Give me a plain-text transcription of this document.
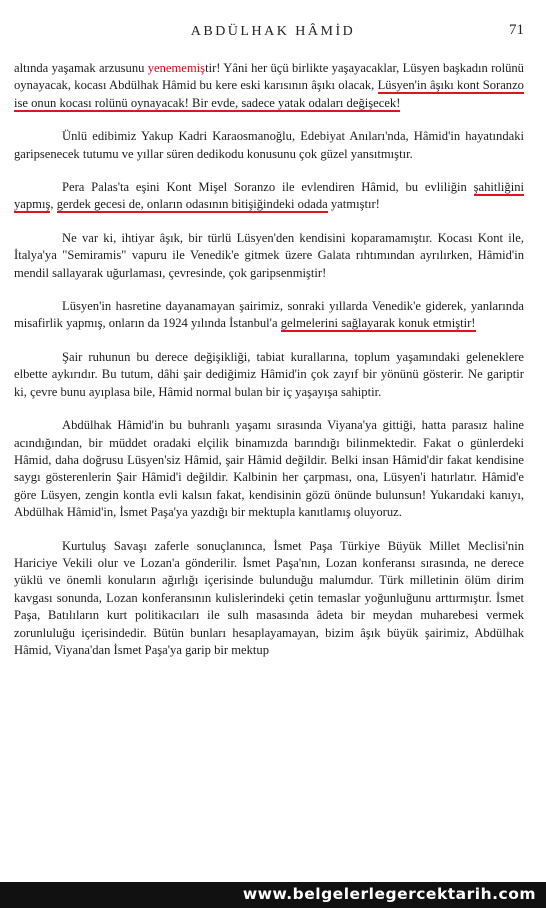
ABDÜLHAK HÂMİD	71

altında yaşamak arzusunu yenememiştir! Yâni her üçü birlikte yaşayacaklar, Lüsyen başkadın rolünü oynayacak, kocası Abdülhak Hâmid bu kere eski karısının âşıkı olacak, Lüsyen'in âşıkı kont Soranzo ise onun kocası rolünü oynayacak! Bir evde, sadece yatak odaları değişecek!

Ünlü edibimiz Yakup Kadri Karaosmanoğlu, Edebiyat Anıları'nda, Hâmid'in hayatındaki garipsenecek tutumu ve yıllar süren dedikodu konusunu çok güzel yansıtmıştır.

Pera Palas'ta eşini Kont Mişel Soranzo ile evlendiren Hâmid, bu evliliğin şahitliğini yapmış, gerdek gecesi de, onların odasının bitişiğindeki odada yatmıştır!

Ne var ki, ihtiyar âşık, bir türlü Lüsyen'den kendisini koparamamıştır. Kocası Kont ile, İtalya'ya "Semiramis" vapuru ile Venedik'e gitmek üzere Galata rıhtımından ayrılırken, Hâmid'in mendil sallayarak uğurlaması, çevresinde, çok garipsenmiştir!

Lüsyen'in hasretine dayanamayan şairimiz, sonraki yıllarda Venedik'e giderek, yanlarında misafirlik yapmış, onların da 1924 yılında İstanbul'a gelmelerini sağlayarak konuk etmiştir!

Şair ruhunun bu derece değişikliği, tabiat kurallarına, toplum yaşamındaki geleneklere elbette aykırıdır. Bu tutum, dâhi şair dediğimiz Hâmid'in çok zayıf bir yönünü gösterir. Ne gariptir ki, çevre bunu ayıplasa bile, Hâmid normal bulan bir iç yaşayışa sahiptir.

Abdülhak Hâmid'in bu buhranlı yaşamı sırasında Viyana'ya gittiği, hatta parasız haline acındığından, bir müddet oradaki elçilik binamızda barındığı bilinmektedir. Fakat o günlerdeki Hâmid, daha doğrusu Lüsyen'siz Hâmid, şair Hâmid değildir. Belki insan Hâmid'dir fakat kendisine saygı gösterenlerin Şair Hâmid'i değildir. Kalbinin her çarpması, ona, Lüsyen'i hatırlatır. Hâmid'e göre Lüsyen, zengin kontla evli kalsın fakat, kendisinin gözü önünde bulunsun! Yukarıdaki kanıyı, Abdülhak Hâmid'in, İsmet Paşa'ya yazdığı bir mektupla kanıtlamış oluyoruz.

Kurtuluş Savaşı zaferle sonuçlanınca, İsmet Paşa Türkiye Büyük Millet Meclisi'nin Hariciye Vekili olur ve Lozan'a gönderilir. İsmet Paşa'nın, Lozan konferansı sırasında, ne derece yüklü ve önemli konuların ağırlığı içerisinde bulunduğu malumdur. Türk milletinin ölüm dirim kavgası sonunda, Lozan konferansının kulislerindeki çetin temaslar yoğunluğunu arttırmıştır. İsmet Paşa, Batılıların kurt politikacıları ile sulh masasında âdeta bir meydan muharebesi vermek zorunluluğu içerisindedir. Bütün bunları hesaplayamayan, bizim âşık büyük şairimiz, Abdülhak Hâmid, Viyana'dan İsmet Paşa'ya garip bir mektup

www.belgelerlegercektarih.com
